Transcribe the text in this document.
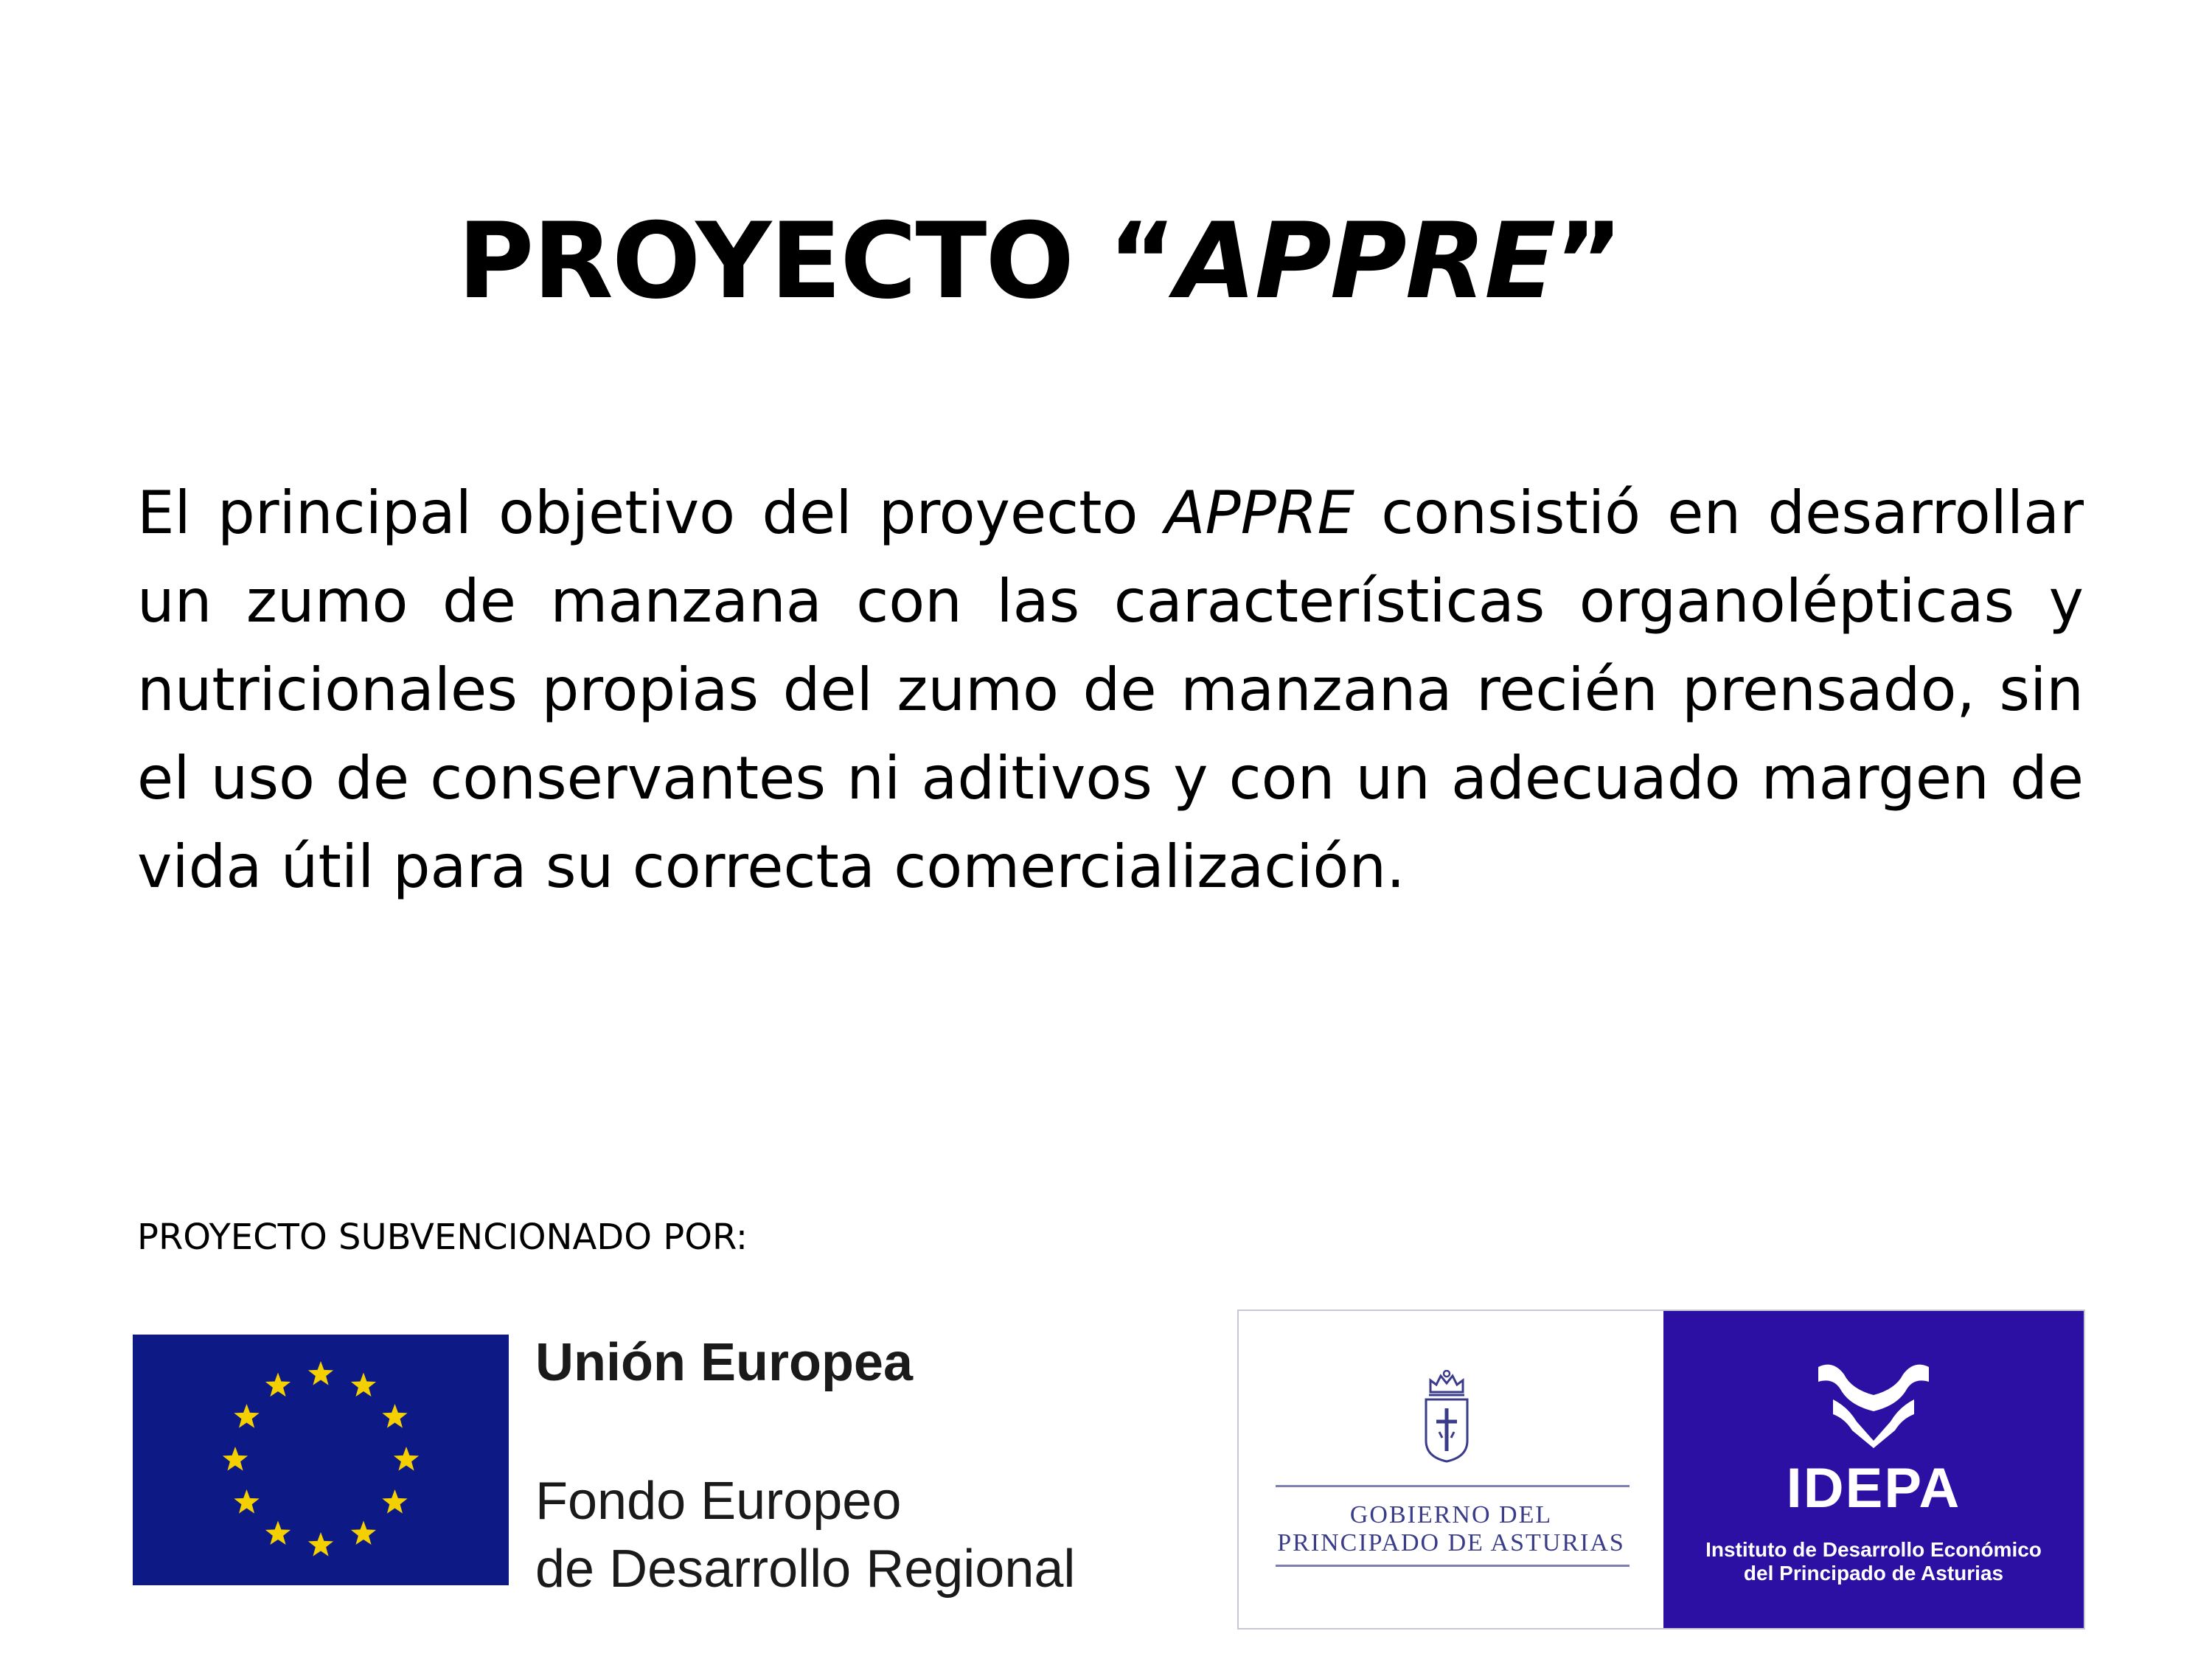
PROYECTO “APPRE”

El principal objetivo del proyecto APPRE consistió en desarrollar un zumo de manzana con las características organolépticas y nutricionales propias del zumo de manzana recién prensado, sin el uso de conservantes ni aditivos y con un adecuado margen de vida útil para su correcta comercialización.

PROYECTO SUBVENCIONADO POR:

Unión Europea
Fondo Europeo
de Desarrollo Regional
GOBIERNO DEL
PRINCIPADO DE ASTURIAS
IDEPA
Instituto de Desarrollo Económico
del Principado de Asturias
